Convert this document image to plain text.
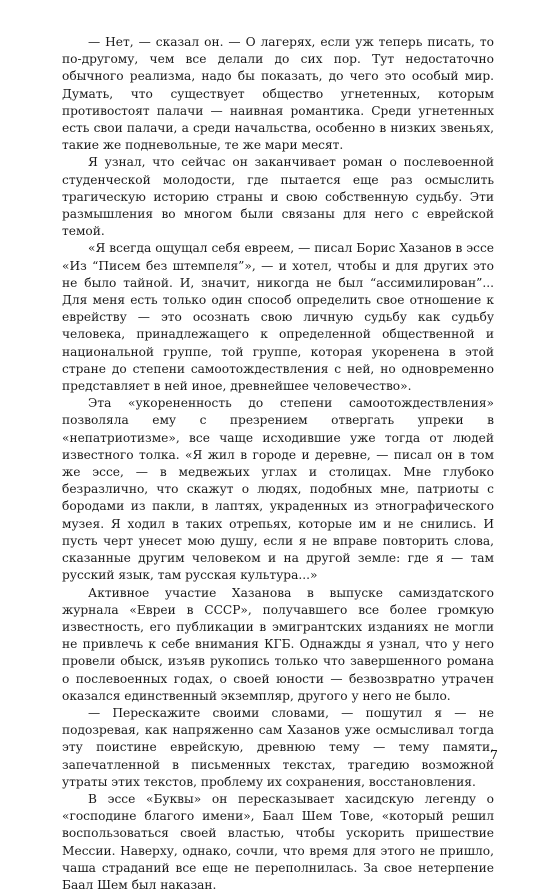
— Нет, — сказал он. — О лагерях, если уж теперь писать, то по-другому, чем все делали до сих пор. Тут недостаточно обычного реализма, надо бы показать, до чего это особый мир. Думать, что существует общество угнетенных, которым противостоят палачи — наивная романтика. Среди угнетенных есть свои палачи, а среди начальства, особенно в низких звеньях, такие же подневольные, те же мари месят.

Я узнал, что сейчас он заканчивает роман о послевоенной студенческой молодости, где пытается еще раз осмыслить трагическую историю страны и свою собственную судьбу. Эти размышления во многом были связаны для него с еврейской темой.

«Я всегда ощущал себя евреем, — писал Борис Хазанов в эссе «Из “Писем без штемпеля”», — и хотел, чтобы и для других это не было тайной. И, значит, никогда не был “ассимилирован”... Для меня есть только один способ определить свое отношение к еврейству — это осознать свою личную судьбу как судьбу человека, принадлежащего к определенной общественной и национальной группе, той группе, которая укоренена в этой стране до степени самоотождествления с ней, но одновременно представляет в ней иное, древнейшее человечество».

Эта «укорененность до степени самоотождествления» позволяла ему с презрением отвергать упреки в «непатриотизме», все чаще исходившие уже тогда от людей известного толка. «Я жил в городе и деревне, — писал он в том же эссе, — в медвежьих углах и столицах. Мне глубоко безразлично, что скажут о людях, подобных мне, патриоты с бородами из пакли, в лаптях, украденных из этнографического музея. Я ходил в таких отрепьях, которые им и не снились. И пусть черт унесет мою душу, если я не вправе повторить слова, сказанные другим человеком и на другой земле: где я — там русский язык, там русская культура...»

Активное участие Хазанова в выпуске самиздатского журнала «Евреи в СССР», получавшего все более громкую известность, его публикации в эмигрантских изданиях не могли не привлечь к себе внимания КГБ. Однажды я узнал, что у него провели обыск, изъяв рукопись только что завершенного романа о послевоенных годах, о своей юности — безвозвратно утрачен оказался единственный экземпляр, другого у него не было.

— Перескажите своими словами, — пошутил я — не подозревая, как напряженно сам Хазанов уже осмысливал тогда эту поистине еврейскую, древнюю тему — тему памяти, запечатленной в письменных текстах, трагедию возможной утраты этих текстов, проблему их сохранения, восстановления.

В эссе «Буквы» он пересказывает хасидскую легенду о «господине благого имени», Баал Шем Тове, «который решил воспользоваться своей властью, чтобы ускорить пришествие Мессии. Наверху, однако, сочли, что время для этого не пришло, чаша страданий все еще не переполнилась. За свое нетерпение Баал Шем был наказан.

7
